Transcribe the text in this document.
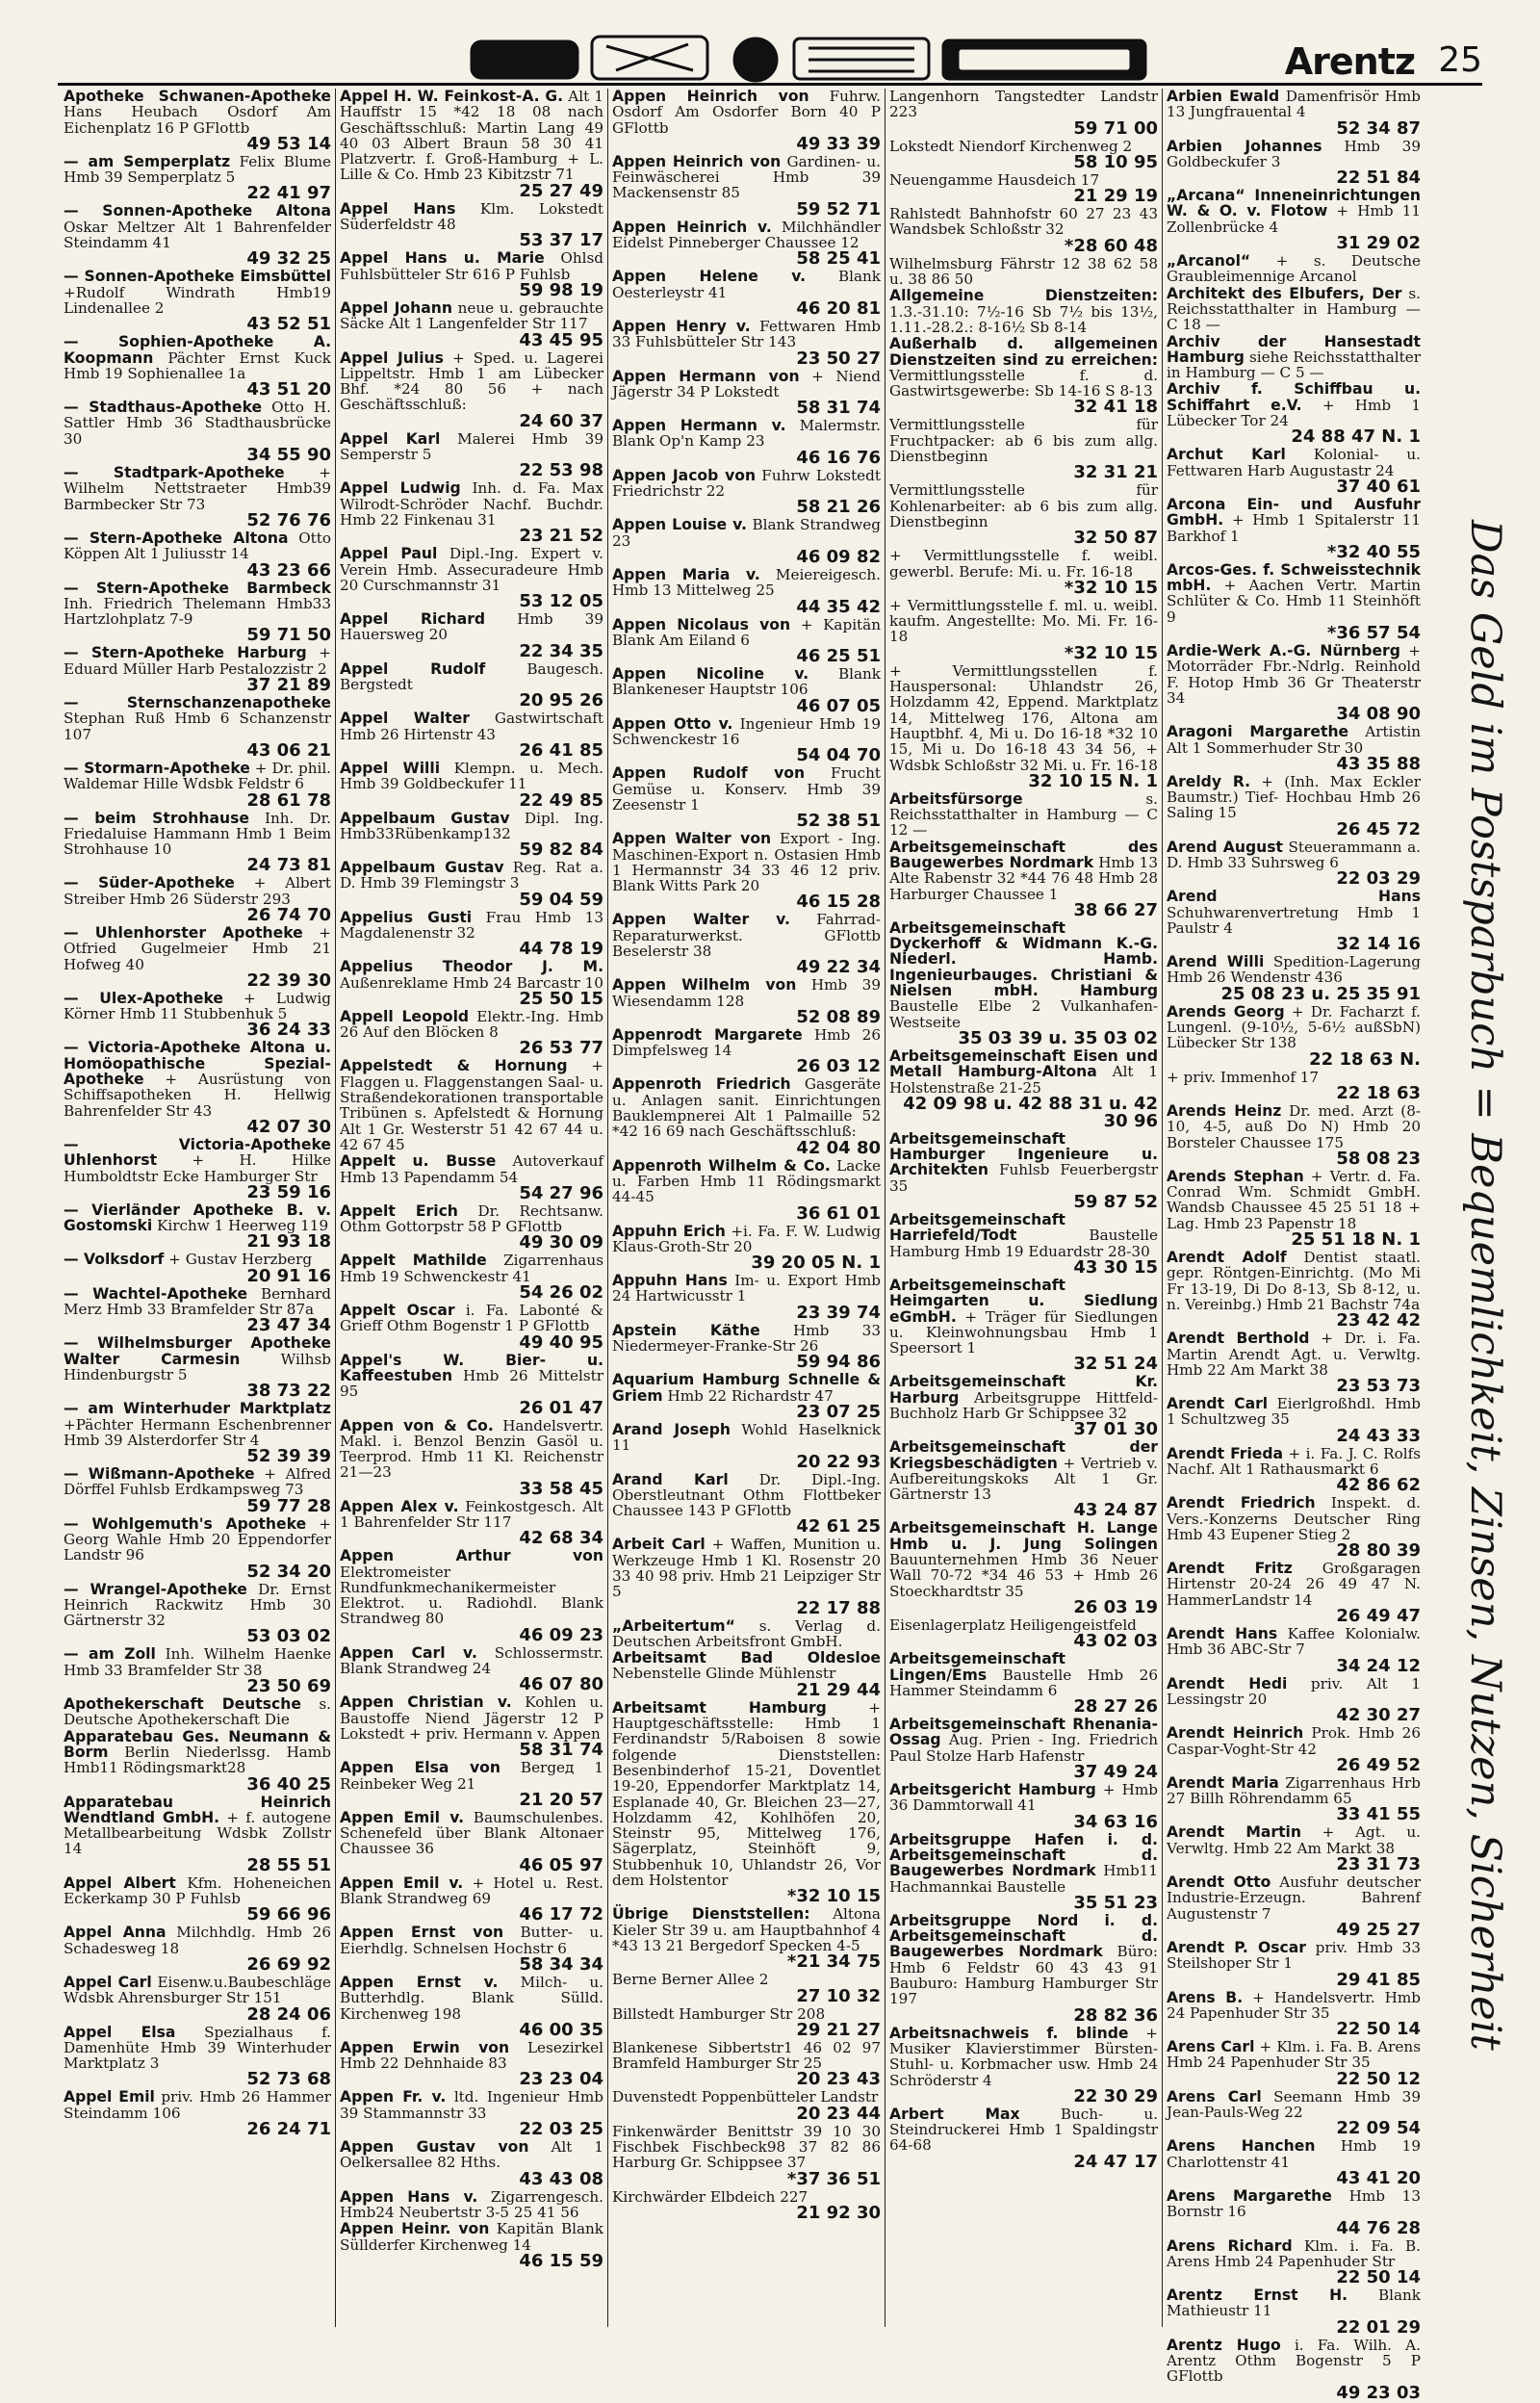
Arentz 25
Apotheke Schwanen-Apotheke Hans Heubach Osdorf Am Eichenplatz 16 P GFlottb
49 53 14
— am Semperplatz Felix Blume Hmb 39 Semperplatz 5
22 41 97
— Sonnen-Apotheke Altona Oskar Meltzer Alt 1 Bahrenfelder Steindamm 41
49 32 25
— Sonnen-Apotheke Eimsbüttel +Rudolf Windrath Hmb19 Lindenallee 2
43 52 51
— Sophien-Apotheke A. Koopmann Pächter Ernst Kuck Hmb 19 Sophienallee 1a
43 51 20
— Stadthaus-Apotheke Otto H. Sattler Hmb 36 Stadthausbrücke 30
34 55 90
— Stadtpark-Apotheke + Wilhelm Nettstraeter Hmb39 Barmbecker Str 73
52 76 76
— Stern-Apotheke Altona Otto Köppen Alt 1 Juliusstr 14
43 23 66
— Stern-Apotheke Barmbeck Inh. Friedrich Thelemann Hmb33 Hartzlohplatz 7-9
59 71 50
— Stern-Apotheke Harburg + Eduard Müller Harb Pestalozzistr 2
37 21 89
— Sternschanzenapotheke Stephan Ruß Hmb 6 Schanzenstr 107
43 06 21
— Stormarn-Apotheke + Dr. phil. Waldemar Hille Wdsbk Feldstr 6
28 61 78
— beim Strohhause Inh. Dr. Friedaluise Hammann Hmb 1 Beim Strohhause 10
24 73 81
— Süder-Apotheke + Albert Streiber Hmb 26 Süderstr 293
26 74 70
— Uhlenhorster Apotheke + Otfried Gugelmeier Hmb 21 Hofweg 40
22 39 30
— Ulex-Apotheke + Ludwig Körner Hmb 11 Stubbenhuk 5
36 24 33
— Victoria-Apotheke Altona u. Homöopathische Spezial-Apotheke + Ausrüstung von Schiffsapotheken H. Hellwig Bahrenfelder Str 43
42 07 30
— Victoria-Apotheke Uhlenhorst + H. Hilke Humboldtstr Ecke Hamburger Str
23 59 16
— Vierländer Apotheke B. v. Gostomski Kirchw 1 Heerweg 119
21 93 18
— Volksdorf + Gustav Herzberg
20 91 16
— Wachtel-Apotheke Bernhard Merz Hmb 33 Bramfelder Str 87a
23 47 34
— Wilhelmsburger Apotheke Walter Carmesin	Wilhsb Hindenburgstr 5
38 73 22
— am Winterhuder Marktplatz +Pächter Hermann Eschenbrenner Hmb 39 Alsterdorfer Str 4
52 39 39
— Wißmann-Apotheke + Alfred Dörffel Fuhlsb Erdkampsweg 73
59 77 28
— Wohlgemuth's Apotheke + Georg Wahle Hmb 20 Eppendorfer Landstr 96
52 34 20
— Wrangel-Apotheke Dr. Ernst Heinrich Rackwitz Hmb 30 Gärtnerstr 32
53 03 02
— am Zoll Inh. Wilhelm Haenke Hmb 33 Bramfelder Str 38
23 50 69
Apothekerschaft Deutsche s. Deutsche Apothekerschaft Die
Apparatebau Ges. Neumann & Borm Berlin Niederlssg. Hamb Hmb11 Rödingsmarkt28
36 40 25
Apparatebau Heinrich Wendtland GmbH. + f. autogene Metallbearbeitung Wdsbk Zollstr 14
28 55 51
Appel Albert Kfm. Hoheneichen Eckerkamp 30 P Fuhlsb
59 66 96
Appel Anna Milchhdlg. Hmb 26 Schadesweg 18
26 69 92
Appel Carl Eisenw.u.Baubeschläge Wdsbk Ahrensburger Str 151
28 24 06
Appel Elsa Spezialhaus f. Damenhüte Hmb 39 Winterhuder Marktplatz 3
52 73 68
Appel Emil priv. Hmb 26 Hammer Steindamm 106
26 24 71
Appel H. W. Feinkost-A. G. Alt 1 Hauffstr 15 *42 18 08 nach Geschäftsschluß: Martin Lang 49 40 03 Albert Braun 58 30 41 Platzvertr. f. Groß-Hamburg + L. Lille & Co. Hmb 23 Kibitzstr 71
25 27 49
Appel Hans Klm. Lokstedt Süderfeldstr 48
53 37 17
Appel Hans u. Marie Ohlsd Fuhlsbütteler Str 616 P Fuhlsb
59 98 19
Appel Johann neue u. gebrauchte Säcke Alt 1 Langenfelder Str 117
43 45 95
Appel Julius + Sped. u. Lagerei Lippeltstr. Hmb 1 am Lübecker Bhf. *24 80 56 + nach Geschäftsschluß:
24 60 37
Appel Karl Malerei Hmb 39 Semperstr 5
22 53 98
Appel Ludwig Inh. d. Fa. Max Wilrodt-Schröder Nachf. Buchdr. Hmb 22 Finkenau 31
23 21 52
Appel Paul Dipl.-Ing. Expert v. Verein Hmb. Assecuradeure Hmb 20 Curschmannstr 31
53 12 05
Appel Richard Hmb 39 Hauersweg 20
22 34 35
Appel Rudolf	Baugesch. Bergstedt
20 95 26
Appel Walter Gastwirtschaft Hmb 26 Hirtenstr 43
26 41 85
Appel Willi Klempn. u. Mech. Hmb 39 Goldbeckufer 11
22 49 85
Appelbaum Gustav Dipl. Ing. Hmb33Rübenkamp132
59 82 84
Appelbaum Gustav Reg. Rat a. D. Hmb 39 Flemingstr 3
59 04 59
Appelius Gusti Frau Hmb 13 Magdalenenstr 32
44 78 19
Appelius Theodor J. M. Außenreklame Hmb 24 Barcastr 10
25 50 15
Appell Leopold Elektr.-Ing. Hmb 26 Auf den Blöcken 8
26 53 77
Appelstedt & Hornung + Flaggen u. Flaggenstangen Saal- u. Straßendekorationen transportable Tribünen s. Apfelstedt & Hornung Alt 1 Gr. Westerstr 51 42 67 44 u. 42 67 45
Appelt u. Busse Autoverkauf Hmb 13 Papendamm 54
54 27 96
Appelt Erich Dr. Rechtsanw. Othm Gottorpstr 58 P GFlottb
49 30 09
Appelt Mathilde Zigarrenhaus Hmb 19 Schwenckestr 41
54 26 02
Appelt Oscar i. Fa. Labonté & Grieff Othm Bogenstr 1 P GFlottb
49 40 95
Appel's W. Bier- u. Kaffeestuben Hmb 26 Mittelstr 95
26 01 47
Appen von & Co. Handelsvertr. Makl. i. Benzol Benzin Gasöl u. Teerprod. Hmb 11 Kl. Reichenstr 21—23
33 58 45
Appen Alex v. Feinkostgesch. Alt 1 Bahrenfelder Str 117
42 68 34
Appen Arthur von Elektromeister Rundfunkmechanikermeister Elektrot. u. Radiohdl. Blank Strandweg 80
46 09 23
Appen Carl v. Schlossermstr. Blank Strandweg 24
46 07 80
Appen Christian v. Kohlen u. Baustoffe Niend Jägerstr 12 P Lokstedt + priv. Hermann v. Appen
58 31 74
Appen Elsa von Bergeд 1 Reinbeker Weg 21
21 20 57
Appen Emil v. Baumschulenbes. Schenefeld über Blank Altonaer Chaussee 36
46 05 97
Appen Emil v. + Hotel u. Rest. Blank Strandweg 69
46 17 72
Appen Ernst von Butter- u. Eierhdlg. Schnelsen Hochstr 6
58 34 34
Appen Ernst v. Milch- u. Butterhdlg. Blank Sülld. Kirchenweg 198
46 00 35
Appen Erwin von Lesezirkel Hmb 22 Dehnhaide 83
23 23 04
Appen Fr. v. ltd. Ingenieur Hmb 39 Stammannstr 33
22 03 25
Appen Gustav von Alt 1 Oelkersallee 82 Hths.
43 43 08
Appen Hans v. Zigarrengesch. Hmb24 Neubertstr 3-5 25 41 56
Appen Heinr. von Kapitän Blank Süllderfer Kirchenweg 14
46 15 59
Appen Heinrich von Fuhrw. Osdorf Am Osdorfer Born 40 P GFlottb
49 33 39
Appen Heinrich von Gardinen- u. Feinwäscherei Hmb 39 Mackensenstr 85
59 52 71
Appen Heinrich v. Milchhändler Eidelst Pinneberger Chaussee 12
58 25 41
Appen Helene v. Blank Oesterleystr 41
46 20 81
Appen Henry v. Fettwaren Hmb 33 Fuhlsbütteler Str 143
23 50 27
Appen Hermann von + Niend Jägerstr 34 P Lokstedt
58 31 74
Appen Hermann v. Malermstr. Blank Op'n Kamp 23
46 16 76
Appen Jacob von Fuhrw Lokstedt Friedrichstr 22
58 21 26
Appen Louise v. Blank Strandweg 23
46 09 82
Appen Maria v. Meiereigesch. Hmb 13 Mittelweg 25
44 35 42
Appen Nicolaus von + Kapitän Blank Am Eiland 6
46 25 51
Appen Nicoline v. Blank Blankeneser Hauptstr 106
46 07 05
Appen Otto v. Ingenieur Hmb 19 Schwenckestr 16
54 04 70
Appen Rudolf von Frucht Gemüse u. Konserv. Hmb 39 Zeesenstr 1
52 38 51
Appen Walter von Export - Ing. Maschinen-Export n. Ostasien Hmb 1 Hermannstr 34 33 46 12 priv. Blank Witts Park 20
46 15 28
Appen Walter v. Fahrrad-Reparaturwerkst. GFlottb Beselerstr 38
49 22 34
Appen Wilhelm von Hmb 39 Wiesendamm 128
52 08 89
Appenrodt Margarete Hmb 26 Dimpfelsweg 14
26 03 12
Appenroth Friedrich Gasgeräte u. Anlagen sanit. Einrichtungen Bauklempnerei Alt 1 Palmaille 52 *42 16 69 nach Geschäftsschluß:
42 04 80
Appenroth Wilhelm & Co. Lacke u. Farben Hmb 11 Rödingsmarkt 44-45
36 61 01
Appuhn Erich +i. Fa. F. W. Ludwig Klaus-Groth-Str 20
39 20 05 N. 1
Appuhn Hans Im- u. Export Hmb 24 Hartwicusstr 1
23 39 74
Apstein Käthe Hmb 33 Niedermeyer-Franke-Str 26
59 94 86
Aquarium Hamburg Schnelle & Griem Hmb 22 Richardstr 47
23 07 25
Arand Joseph Wohld Haselknick 11
20 22 93
Arand Karl Dr. Dipl.-Ing. Oberstleutnant Othm Flottbeker Chaussee 143 P GFlottb
42 61 25
Arbeit Carl + Waffen, Munition u. Werkzeuge Hmb 1 Kl. Rosenstr 20 33 40 98 priv. Hmb 21 Leipziger Str 5
22 17 88
„Arbeitertum“ s. Verlag d. Deutschen Arbeitsfront GmbH.
Arbeitsamt Bad Oldesloe Nebenstelle Glinde Mühlenstr
21 29 44
Arbeitsamt Hamburg	+ Hauptgeschäftsstelle: Hmb 1 Ferdinandstr 5/Raboisen 8 sowie folgende Dienststellen: Besenbinderhof 15-21, Doventlet 19-20, Eppendorfer Marktplatz 14, Esplanade 40, Gr. Bleichen 23—27, Holzdamm 42, Kohlhöfen 20, Steinstr 95, Mittelweg 176, Sägerplatz, Steinhöft 9, Stubbenhuk 10, Uhlandstr 26, Vor dem Holstentor
*32 10 15
Übrige Dienststellen: Altona Kieler Str 39 u. am Hauptbahnhof 4 *43 13 21 Bergedorf Specken 4-5
*21 34 75
Berne Berner Allee 2
27 10 32
Billstedt Hamburger Str 208
29 21 27
Blankenese Sibbertstr1 46 02 97 Bramfeld Hamburger Str 25
20 23 43
Duvenstedt Poppenbütteler Landstr
20 23 44
Finkenwärder Benittstr 39 10 30 Fischbek Fischbeck98 37 82 86 Harburg Gr. Schippsee 37
*37 36 51
Kirchwärder Elbdeich 227
21 92 30
Langenhorn Tangstedter Landstr 223
59 71 00
Lokstedt Niendorf Kirchenweg 2
58 10 95
Neuengamme Hausdeich 17
21 29 19
Rahlstedt Bahnhofstr 60 27 23 43 Wandsbek Schloßstr 32
*28 60 48
Wilhelmsburg Fährstr 12 38 62 58 u. 38 86 50
Allgemeine Dienstzeiten: 1.3.-31.10: 7½-16 Sb 7½ bis 13½, 1.11.-28.2.: 8-16½ Sb 8-14
Außerhalb d. allgemeinen Dienstzeiten sind zu erreichen: Vermittlungsstelle f. d. Gastwirtsgewerbe: Sb 14-16 S 8-13
32 41 18
Vermittlungsstelle für Fruchtpacker: ab 6 bis zum allg. Dienstbeginn
32 31 21
Vermittlungsstelle für Kohlenarbeiter: ab 6 bis zum allg. Dienstbeginn
32 50 87
+ Vermittlungsstelle f. weibl. gewerbl. Berufe: Mi. u. Fr. 16-18
*32 10 15
+ Vermittlungsstelle f. ml. u. weibl. kaufm. Angestellte: Mo. Mi. Fr. 16-18
*32 10 15
+ Vermittlungsstellen f. Hauspersonal: Uhlandstr 26, Holzdamm 42, Eppend. Marktplatz 14, Mittelweg 176, Altona am Hauptbhf. 4, Mi u. Do 16-18 *32 10 15, Mi u. Do 16-18 43 34 56, + Wdsbk Schloßstr 32 Mi. u. Fr. 16-18
32 10 15 N. 1
Arbeitsfürsorge	s. Reichsstatthalter in Hamburg — C 12 —
Arbeitsgemeinschaft des Baugewerbes Nordmark Hmb 13 Alte Rabenstr 32 *44 76 48 Hmb 28 Harburger Chaussee 1
38 66 27
Arbeitsgemeinschaft Dyckerhoff & Widmann K.-G. Niederl. Hamb. Ingenieurbauges. Christiani & Nielsen mbH. Hamburg Baustelle Elbe 2 Vulkanhafen-Westseite
35 03 39 u. 35 03 02
Arbeitsgemeinschaft Eisen und Metall Hamburg-Altona Alt 1 Holstenstraße 21-25
42 09 98 u. 42 88 31 u. 42 30 96
Arbeitsgemeinschaft Hamburger Ingenieure u. Architekten Fuhlsb Feuerbergstr 35
59 87 52
Arbeitsgemeinschaft Harriefeld/Todt	Baustelle Hamburg Hmb 19 Eduardstr 28-30
43 30 15
Arbeitsgemeinschaft Heimgarten u. Siedlung eGmbH. + Träger für Siedlungen u. Kleinwohnungsbau Hmb 1 Speersort 1
32 51 24
Arbeitsgemeinschaft Kr. Harburg Arbeitsgruppe Hittfeld-Buchholz Harb Gr Schippsee 32
37 01 30
Arbeitsgemeinschaft der Kriegsbeschädigten + Vertrieb v. Aufbereitungskoks Alt 1 Gr. Gärtnerstr 13
43 24 87
Arbeitsgemeinschaft H. Lange Hmb u. J. Jung Solingen Bauunternehmen Hmb 36 Neuer Wall 70-72 *34 46 53 + Hmb 26 Stoeckhardtstr 35
26 03 19
Eisenlagerplatz Heiligengeistfeld
43 02 03
Arbeitsgemeinschaft Lingen/Ems Baustelle Hmb 26 Hammer Steindamm 6
28 27 26
Arbeitsgemeinschaft Rhenania-Ossag Aug. Prien - Ing. Friedrich Paul Stolze Harb Hafenstr
37 49 24
Arbeitsgericht Hamburg + Hmb 36 Dammtorwall 41
34 63 16
Arbeitsgruppe Hafen i. d. Arbeitsgemeinschaft d. Baugewerbes Nordmark Hmb11 Hachmannkai Baustelle
35 51 23
Arbeitsgruppe Nord i. d. Arbeitsgemeinschaft d. Baugewerbes Nordmark Büro: Hmb 6 Feldstr 60 43 43 91 Bauburo: Hamburg Hamburger Str 197
28 82 36
Arbeitsnachweis f. blinde + Musiker Klavierstimmer Bürsten-Stuhl- u. Korbmacher usw. Hmb 24 Schröderstr 4
22 30 29
Arbert Max	Buch- u. Steindruckerei Hmb 1 Spaldingstr 64-68
24 47 17
Arbien Ewald Damenfrisör Hmb 13 Jungfrauental 4
52 34 87
Arbien Johannes Hmb 39 Goldbeckufer 3
22 51 84
„Arcana“ Inneneinrichtungen W. & O. v. Flotow + Hmb 11 Zollenbrücke 4
31 29 02
„Arcanol“ + s. Deutsche Graubleimennige Arcanol
Architekt des Elbufers, Der s. Reichsstatthalter in Hamburg — C 18 —
Archiv der Hansestadt Hamburg siehe Reichsstatthalter in Hamburg — C 5 —
Archiv f. Schiffbau u. Schiffahrt e.V. + Hmb 1 Lübecker Tor 24
24 88 47 N. 1
Archut Karl Kolonial- u. Fettwaren Harb Augustastr 24
37 40 61
Arcona Ein- und Ausfuhr GmbH. + Hmb 1 Spitalerstr 11 Barkhof 1
*32 40 55
Arcos-Ges. f. Schweisstechnik mbH. + Aachen Vertr. Martin Schlüter & Co. Hmb 11 Steinhöft 9
*36 57 54
Ardie-Werk A.-G. Nürnberg + Motorräder Fbr.-Ndrlg. Reinhold F. Hotop Hmb 36 Gr Theaterstr 34
34 08 90
Aragoni Margarethe Artistin Alt 1 Sommerhuder Str 30
43 35 88
Areldy R. + (Inh. Max Eckler Baumstr.) Tief- Hochbau Hmb 26 Saling 15
26 45 72
Arend August Steuerammann a. D. Hmb 33 Suhrsweg 6
22 03 29
Arend Hans Schuhwarenvertretung Hmb 1 Paulstr 4
32 14 16
Arend Willi Spedition-Lagerung Hmb 26 Wendenstr 436
25 08 23 u. 25 35 91
Arends Georg + Dr. Facharzt f. Lungenl. (9-10½, 5-6½ außSbN) Lübecker Str 138
22 18 63 N.
+ priv. Immenhof 17
22 18 63
Arends Heinz Dr. med. Arzt (8-10, 4-5, auß Do N) Hmb 20 Borsteler Chaussee 175
58 08 23
Arends Stephan + Vertr. d. Fa. Conrad Wm. Schmidt GmbH. Wandsb Chaussee 45 25 51 18 + Lag. Hmb 23 Papenstr 18
25 51 18 N. 1
Arendt Adolf Dentist staatl. gepr. Röntgen-Einrichtg. (Mo Mi Fr 13-19, Di Do 8-13, Sb 8-12, u. n. Vereinbg.) Hmb 21 Bachstr 74a
23 42 42
Arendt Berthold + Dr. i. Fa. Martin Arendt Agt. u. Verwltg. Hmb 22 Am Markt 38
23 53 73
Arendt Carl Eierlgroßhdl. Hmb 1 Schultzweg 35
24 43 33
Arendt Frieda + i. Fa. J. C. Rolfs Nachf. Alt 1 Rathausmarkt 6
42 86 62
Arendt Friedrich Inspekt. d. Vers.-Konzerns Deutscher Ring Hmb 43 Eupener Stieg 2
28 80 39
Arendt Fritz Großgaragen Hirtenstr 20-24 26 49 47 N. HammerLandstr 14
26 49 47
Arendt Hans Kaffee Kolonialw. Hmb 36 ABC-Str 7
34 24 12
Arendt Hedi priv. Alt 1 Lessingstr 20
42 30 27
Arendt Heinrich Prok. Hmb 26 Caspar-Voght-Str 42
26 49 52
Arendt Maria Zigarrenhaus Hrb 27 Billh Röhrendamm 65
33 41 55
Arendt Martin + Agt. u. Verwltg. Hmb 22 Am Markt 38
23 31 73
Arendt Otto Ausfuhr deutscher Industrie-Erzeugn. Bahrenf Augustenstr 7
49 25 27
Arendt P. Oscar priv. Hmb 33 Steilshoper Str 1
29 41 85
Arens B. + Handelsvertr. Hmb 24 Papenhuder Str 35
22 50 14
Arens Carl + Klm. i. Fa. B. Arens Hmb 24 Papenhuder Str 35
22 50 12
Arens Carl Seemann Hmb 39 Jean-Pauls-Weg 22
22 09 54
Arens Hanchen Hmb 19 Charlottenstr 41
43 41 20
Arens Margarethe Hmb 13 Bornstr 16
44 76 28
Arens Richard Klm. i. Fa. B. Arens Hmb 24 Papenhuder Str
22 50 14
Arentz Ernst H. Blank Mathieustr 11
22 01 29
Arentz Hugo i. Fa. Wilh. A. Arentz Othm Bogenstr 5 P GFlottb
49 23 03
Das Geld im Postsparbuch = Bequemlichkeit, Zinsen, Nutzen, Sicherheit
